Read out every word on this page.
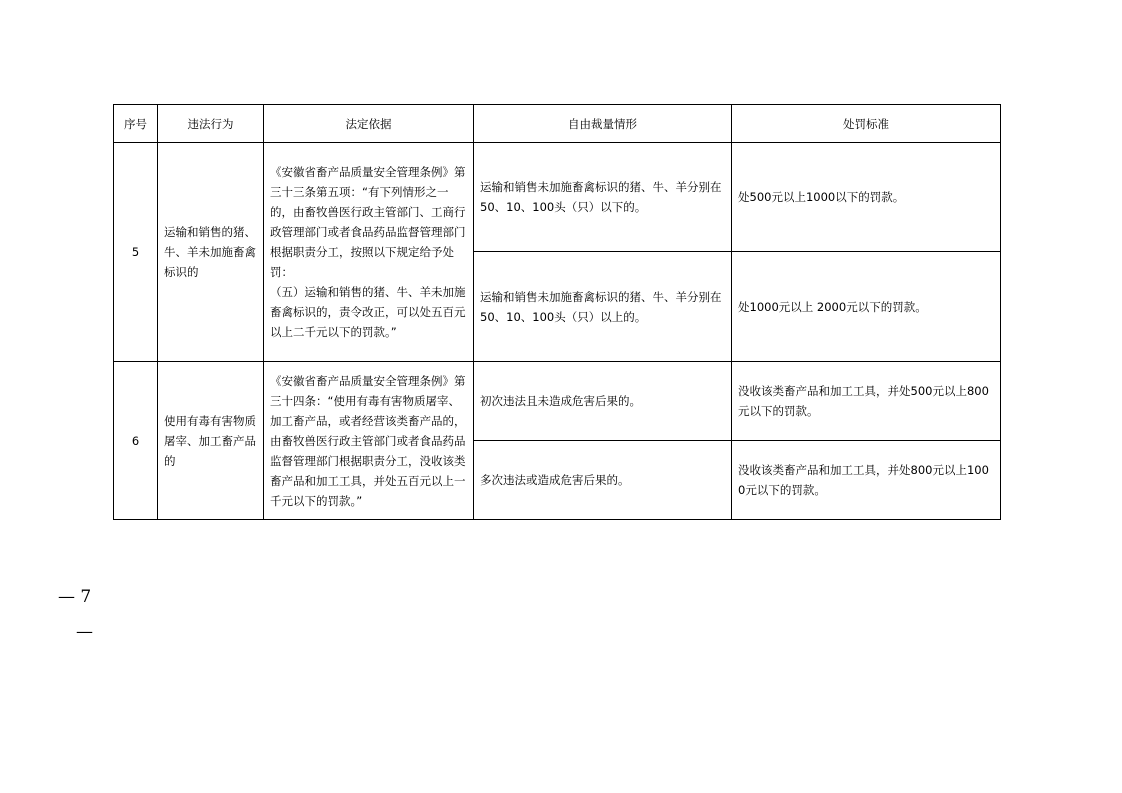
序号	违法行为	法定依据	自由裁量情形	处罚标准
5	运输和销售的猪、牛、羊未加施畜禽标识的	《安徽省畜产品质量安全管理条例》第三十三条第五项：“有下列情形之一的，由畜牧兽医行政主管部门、工商行政管理部门或者食品药品监督管理部门根据职责分工，按照以下规定给予处罚：
（五）运输和销售的猪、牛、羊未加施畜禽标识的，责令改正，可以处五百元以上二千元以下的罚款。”	运输和销售未加施畜禽标识的猪、牛、羊分别在50、10、100头（只）以下的。	处500元以上1000以下的罚款。
			运输和销售未加施畜禽标识的猪、牛、羊分别在50、10、100头（只）以上的。	处1000元以上 2000元以下的罚款。
6	使用有毒有害物质屠宰、加工畜产品的	《安徽省畜产品质量安全管理条例》第三十四条：“使用有毒有害物质屠宰、加工畜产品，或者经营该类畜产品的，由畜牧兽医行政主管部门或者食品药品监督管理部门根据职责分工，没收该类畜产品和加工工具，并处五百元以上一千元以下的罚款。”	初次违法且未造成危害后果的。	没收该类畜产品和加工工具，并处500元以上800元以下的罚款。
			多次违法或造成危害后果的。	没收该类畜产品和加工工具，并处800元以上1000元以下的罚款。
— 7
—
